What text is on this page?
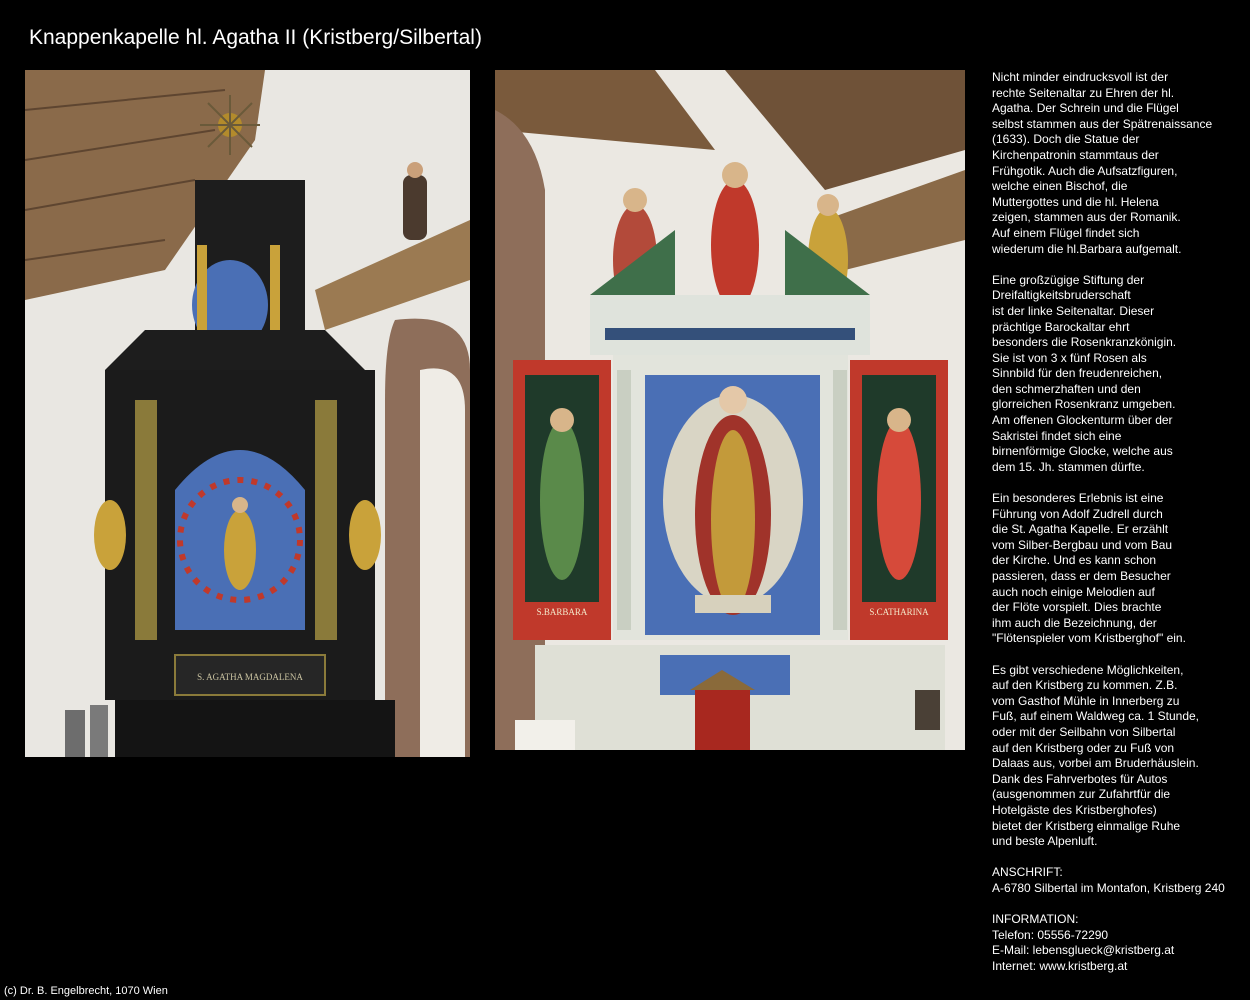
Knappenkapelle hl. Agatha II (Kristberg/Silbertal)
S. AGATHA MAGDALENA
S.BARBARA	S.CATHARINA
Nicht minder eindrucksvoll ist der
rechte Seitenaltar zu Ehren der hl.
Agatha. Der Schrein und die Flügel
selbst stammen aus der Spätrenaissance
(1633). Doch die Statue der
Kirchenpatronin stammtaus der
Frühgotik. Auch die Aufsatzfiguren,
welche einen Bischof, die
Muttergottes und die hl. Helena
zeigen, stammen aus der Romanik.
Auf einem Flügel findet sich
wiederum die hl.Barbara aufgemalt.
Eine großzügige Stiftung der
Dreifaltigkeitsbruderschaft
ist der linke Seitenaltar. Dieser
prächtige Barockaltar ehrt
besonders die Rosenkranzkönigin.
Sie ist von 3 x fünf Rosen als
Sinnbild für den freudenreichen,
den schmerzhaften und den
glorreichen Rosenkranz umgeben.
Am offenen Glockenturm über der
Sakristei findet sich eine
birnenförmige Glocke, welche aus
dem 15. Jh. stammen dürfte.
Ein besonderes Erlebnis ist eine
Führung von Adolf Zudrell durch
die St. Agatha Kapelle. Er erzählt
vom Silber-Bergbau und vom Bau
der Kirche. Und es kann schon
passieren, dass er dem Besucher
auch noch einige Melodien auf
der Flöte vorspielt. Dies brachte
ihm auch die Bezeichnung, der
"Flötenspieler vom Kristberghof" ein.
Es gibt verschiedene Möglichkeiten,
auf den Kristberg zu kommen. Z.B.
vom Gasthof Mühle in Innerberg zu
Fuß, auf einem Waldweg ca. 1 Stunde,
oder mit der Seilbahn von Silbertal
auf den Kristberg oder zu Fuß von
Dalaas aus, vorbei am Bruderhäuslein.
Dank des Fahrverbotes für Autos
(ausgenommen zur Zufahrtfür die
Hotelgäste des Kristberghofes)
bietet der Kristberg einmalige Ruhe
und beste Alpenluft.
ANSCHRIFT:
A-6780 Silbertal im Montafon, Kristberg 240
INFORMATION:
Telefon: 05556-72290
E-Mail: lebensglueck@kristberg.at
Internet: www.kristberg.at
(c) Dr. B. Engelbrecht, 1070 Wien
